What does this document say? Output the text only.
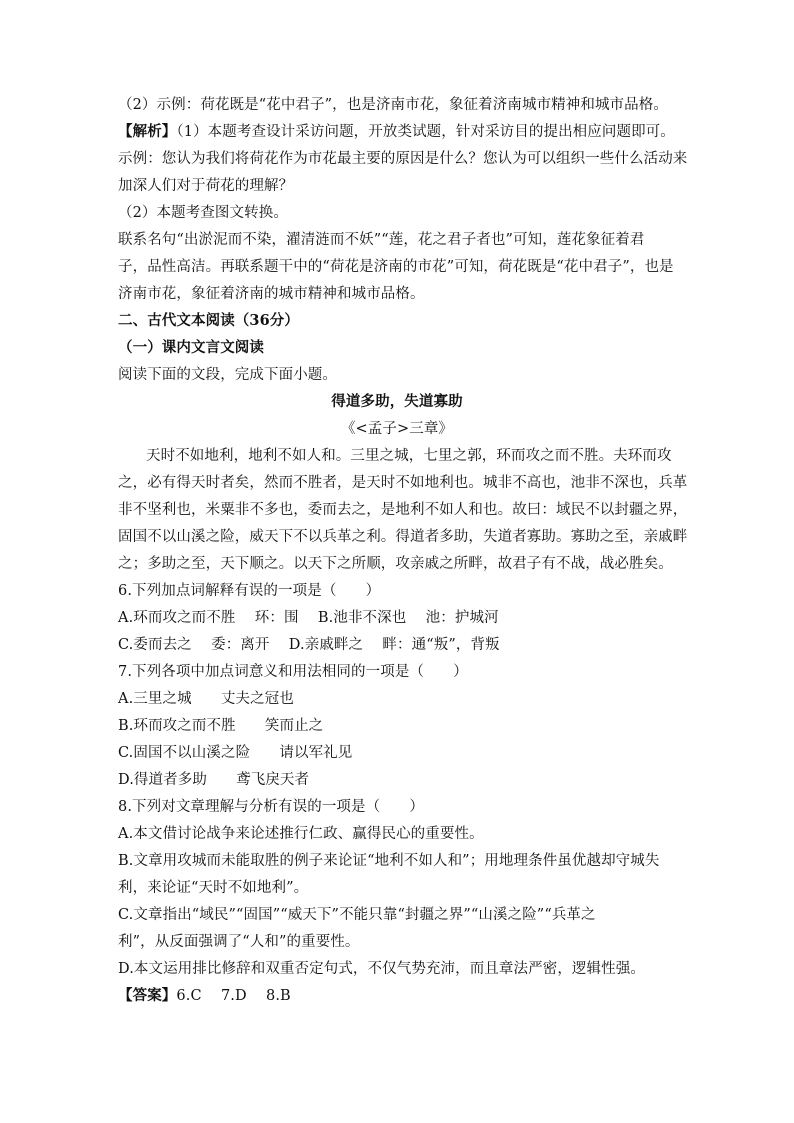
（2）示例：荷花既是“花中君子”，也是济南市花，象征着济南城市精神和城市品格。
【解析】（1）本题考查设计采访问题，开放类试题，针对采访目的提出相应问题即可。
示例：您认为我们将荷花作为市花最主要的原因是什么？您认为可以组织一些什么活动来
加深人们对于荷花的理解？
（2）本题考查图文转换。
联系名句“出淤泥而不染，濯清涟而不妖”“莲，花之君子者也”可知，莲花象征着君
子，品性高洁。再联系题干中的“荷花是济南的市花”可知，荷花既是“花中君子”，也是
济南市花，象征着济南的城市精神和城市品格。
二、古代文本阅读（36分）
（一）课内文言文阅读
阅读下面的文段，完成下面小题。
得道多助，失道寡助
《<孟子>三章》
天时不如地利，地利不如人和。三里之城，七里之郭，环而攻之而不胜。夫环而攻
之，必有得天时者矣，然而不胜者，是天时不如地利也。城非不高也，池非不深也，兵革
非不坚利也，米粟非不多也，委而去之，是地利不如人和也。故曰：域民不以封疆之界，
固国不以山溪之险，威天下不以兵革之利。得道者多助，失道者寡助。寡助之至，亲戚畔
之；多助之至，天下顺之。以天下之所顺，攻亲戚之所畔，故君子有不战，战必胜矣。
6.下列加点词解释有误的一项是（　　）
A.环而攻之而不胜　 环：围　 B.池非不深也　 池：护城河
C.委而去之　 委：离开　 D.亲戚畔之　 畔：通“叛”，背叛
7.下列各项中加点词意义和用法相同的一项是（　　）
A.三里之城　　丈夫之冠也
B.环而攻之而不胜　　笑而止之
C.固国不以山溪之险　　请以军礼见
D.得道者多助　　鸢飞戾天者
8.下列对文章理解与分析有误的一项是（　　）
A.本文借讨论战争来论述推行仁政、赢得民心的重要性。
B.文章用攻城而未能取胜的例子来论证“地利不如人和”；用地理条件虽优越却守城失
利，来论证“天时不如地利”。
C.文章指出“域民”“固国”“威天下”不能只靠“封疆之界”“山溪之险”“兵革之
利”，从反面强调了“人和”的重要性。
D.本文运用排比修辞和双重否定句式，不仅气势充沛，而且章法严密，逻辑性强。
【答案】6.C　 7.D　 8.B
